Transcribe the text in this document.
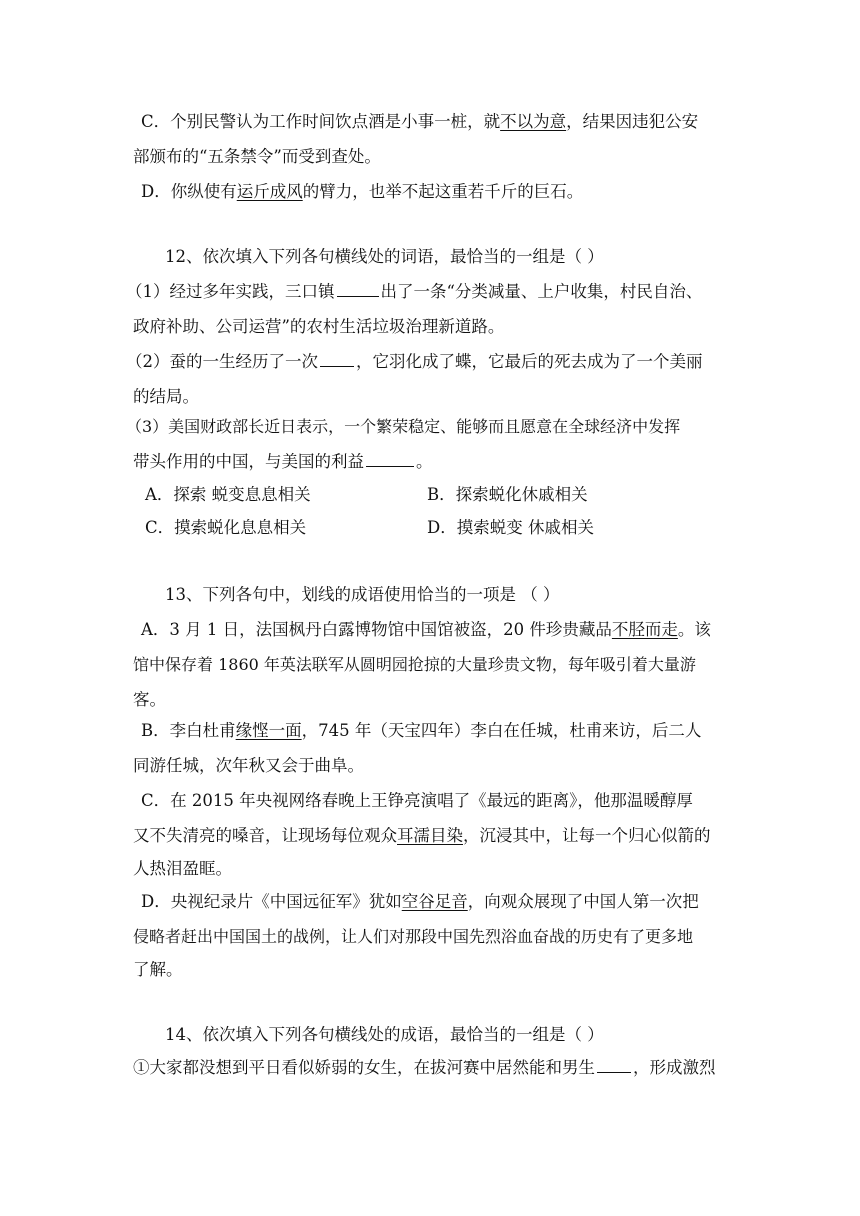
C．个别民警认为工作时间饮点酒是小事一桩，就不以为意，结果因违犯公安
部颁布的“五条禁令”而受到查处。
D．你纵使有运斤成风的臂力，也举不起这重若千斤的巨石。
12、依次填入下列各句横线处的词语，最恰当的一组是（ ）
（1）经过多年实践，三口镇	出了一条“分类减量、上户收集，村民自治、
政府补助、公司运营”的农村生活垃圾治理新道路。
（2）蚕的一生经历了一次 ，它羽化成了蝶，它最后的死去成为了一个美丽
的结局。
（3）美国财政部长近日表示，一个繁荣稳定、能够而且愿意在全球经济中发挥
带头作用的中国，与美国的利益	。
A．探索 蜕变息息相关	B．探索蜕化休戚相关
C．摸索蜕化息息相关	D．摸索蜕变 休戚相关
13、下列各句中，划线的成语使用恰当的一项是 （ ）
A．3 月 1 日，法国枫丹白露博物馆中国馆被盗，20 件珍贵藏品不胫而走。该
馆中保存着 1860 年英法联军从圆明园抢掠的大量珍贵文物，每年吸引着大量游
客。
B．李白杜甫缘悭一面，745 年（天宝四年）李白在任城，杜甫来访，后二人
同游任城，次年秋又会于曲阜。
C．在 2015 年央视网络春晚上王铮亮演唱了《最远的距离》，他那温暖醇厚
又不失清亮的嗓音，让现场每位观众耳濡目染，沉浸其中，让每一个归心似箭的
人热泪盈眶。
D．央视纪录片《中国远征军》犹如空谷足音，向观众展现了中国人第一次把
侵略者赶出中国国土的战例，让人们对那段中国先烈浴血奋战的历史有了更多地
了解。
14、依次填入下列各句横线处的成语，最恰当的一组是（ ）
①大家都没想到平日看似娇弱的女生，在拔河赛中居然能和男生 ，形成激烈
